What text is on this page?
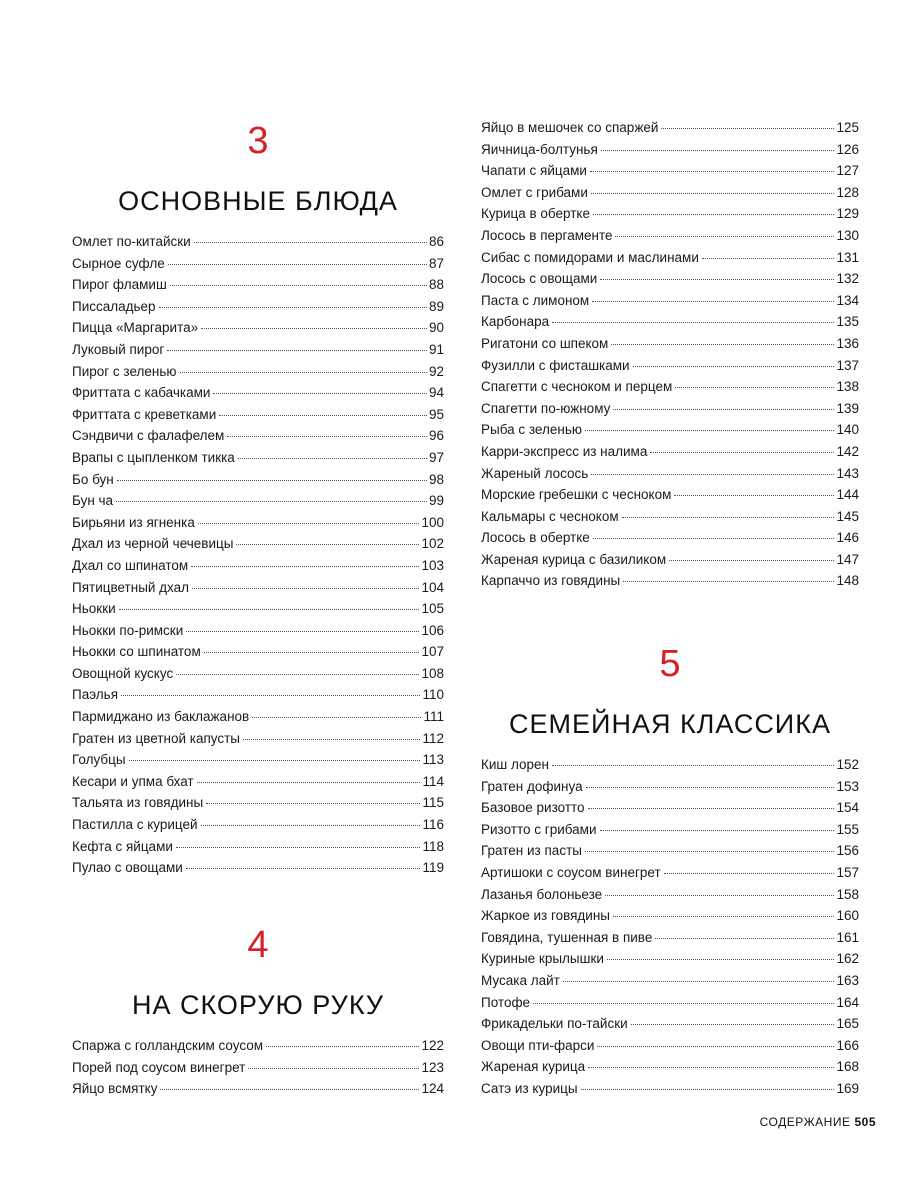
3
ОСНОВНЫЕ БЛЮДА
Омлет по-китайски	86
Сырное суфле	87
Пирог фламиш	88
Писсаладьер	89
Пицца «Маргарита»	90
Луковый пирог	91
Пирог с зеленью	92
Фриттата с кабачками	94
Фриттата с креветками	95
Сэндвичи с фалафелем	96
Врапы с цыпленком тикка	97
Бо бун	98
Бун ча	99
Бирьяни из ягненка	100
Дхал из черной чечевицы	102
Дхал со шпинатом	103
Пятицветный дхал	104
Ньокки	105
Ньокки по-римски	106
Ньокки со шпинатом	107
Овощной кускус	108
Паэлья	110
Пармиджано из баклажанов	111
Гратен из цветной капусты	112
Голубцы	113
Кесари и упма бхат	114
Тальята из говядины	115
Пастилла с курицей	116
Кефта с яйцами	118
Пулао с овощами	119
4
НА СКОРУЮ РУКУ
Спаржа с голландским соусом	122
Порей под соусом винегрет	123
Яйцо всмятку	124
Яйцо в мешочек со спаржей	125
Яичница-болтунья	126
Чапати с яйцами	127
Омлет с грибами	128
Курица в обертке	129
Лосось в пергаменте	130
Сибас с помидорами и маслинами	131
Лосось с овощами	132
Паста с лимоном	134
Карбонара	135
Ригатони со шпеком	136
Фузилли с фисташками	137
Спагетти с чесноком и перцем	138
Спагетти по-южному	139
Рыба с зеленью	140
Карри-экспресс из налима	142
Жареный лосось	143
Морские гребешки с чесноком	144
Кальмары с чесноком	145
Лосось в обертке	146
Жареная курица с базиликом	147
Карпаччо из говядины	148
5
СЕМЕЙНАЯ КЛАССИКА
Киш лорен	152
Гратен дофинуа	153
Базовое ризотто	154
Ризотто с грибами	155
Гратен из пасты	156
Артишоки с соусом винегрет	157
Лазанья болоньезе	158
Жаркое из говядины	160
Говядина, тушенная в пиве	161
Куриные крылышки	162
Мусака лайт	163
Потофе	164
Фрикадельки по-тайски	165
Овощи пти-фарси	166
Жареная курица	168
Сатэ из курицы	169
СОДЕРЖАНИЕ 505
